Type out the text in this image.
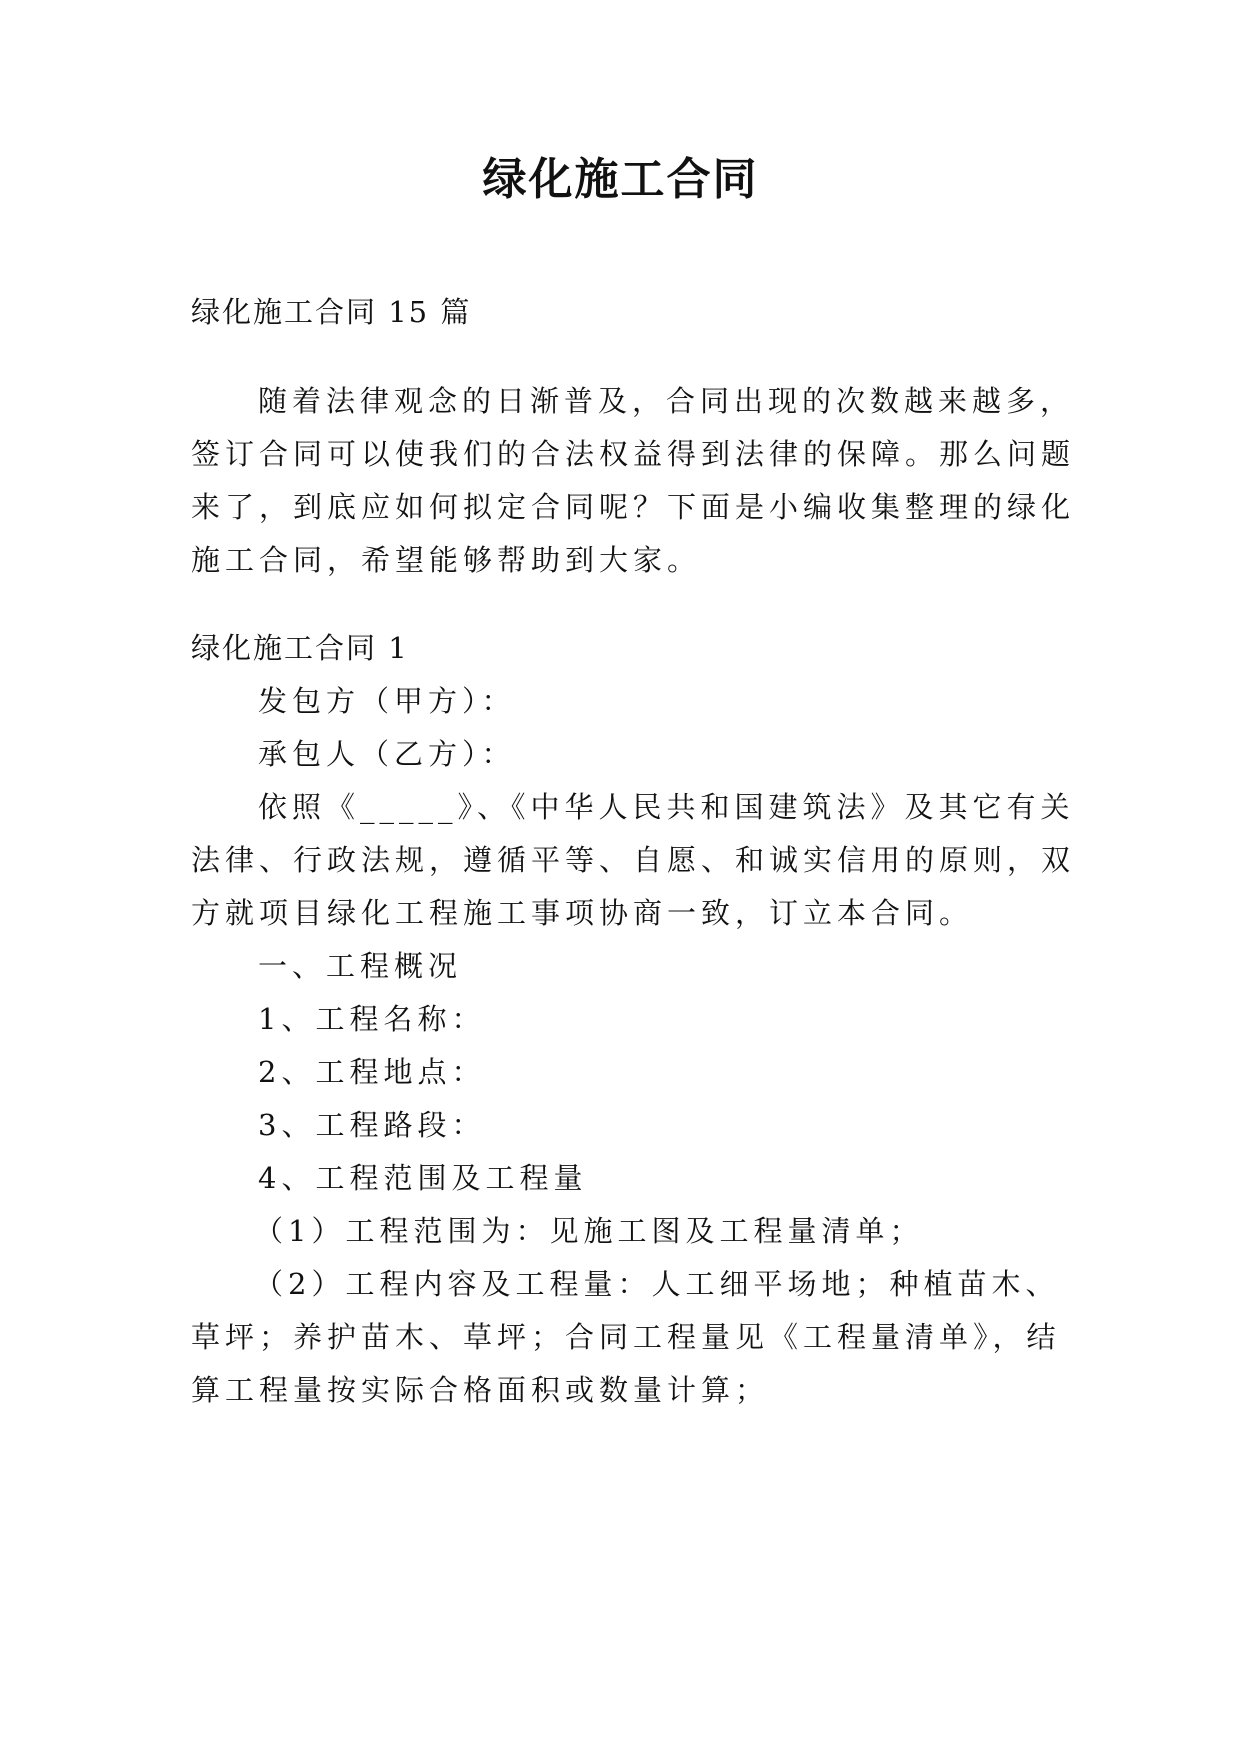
绿化施工合同
绿化施工合同 15 篇
随着法律观念的日渐普及，合同出现的次数越来越多，
签订合同可以使我们的合法权益得到法律的保障。那么问题
来了，到底应如何拟定合同呢？下面是小编收集整理的绿化
施工合同，希望能够帮助到大家。
绿化施工合同 1
发包方（甲方）：
承包人（乙方）：
依照《_____》、《中华人民共和国建筑法》及其它有关
法律、行政法规，遵循平等、自愿、和诚实信用的原则，双
方就项目绿化工程施工事项协商一致，订立本合同。
一、工程概况
1、工程名称：
2、工程地点：
3、工程路段：
4、工程范围及工程量
（1）工程范围为：见施工图及工程量清单；
（2）工程内容及工程量：人工细平场地；种植苗木、
草坪；养护苗木、草坪；合同工程量见《工程量清单》，结
算工程量按实际合格面积或数量计算；
